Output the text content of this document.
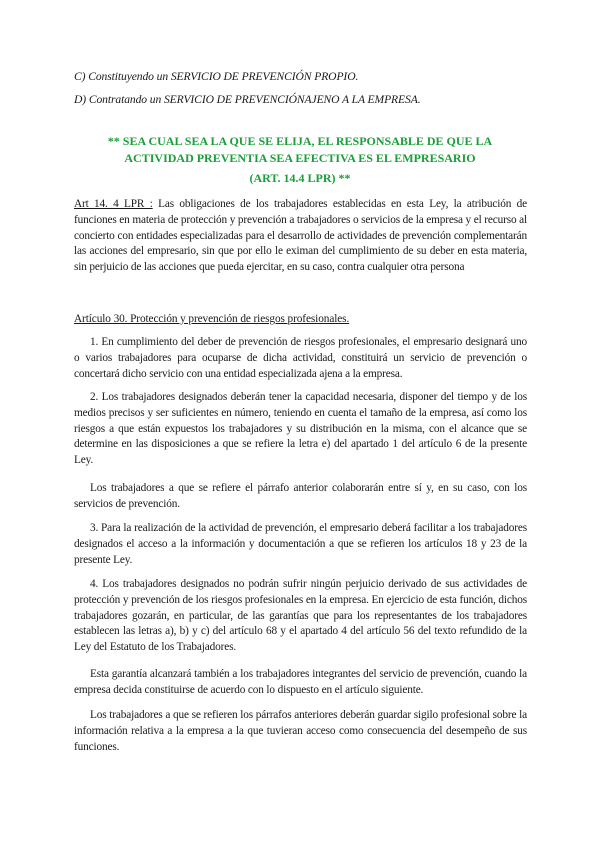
C) Constituyendo un SERVICIO DE PREVENCIÓN PROPIO.
D) Contratando un SERVICIO DE PREVENCIÓNAJENO A LA EMPRESA.
** SEA CUAL SEA LA QUE SE ELIJA, EL RESPONSABLE DE QUE LA
ACTIVIDAD PREVENTIA SEA EFECTIVA ES EL EMPRESARIO
(ART. 14.4 LPR) **
Art 14. 4 LPR : Las obligaciones de los trabajadores establecidas en esta Ley, la atribución de funciones en materia de protección y prevención a trabajadores o servicios de la empresa y el recurso al concierto con entidades especializadas para el desarrollo de actividades de prevención complementarán las acciones del empresario, sin que por ello le eximan del cumplimiento de su deber en esta materia, sin perjuicio de las acciones que pueda ejercitar, en su caso, contra cualquier otra persona
Artículo 30. Protección y prevención de riesgos profesionales.
1. En cumplimiento del deber de prevención de riesgos profesionales, el empresario designará uno o varios trabajadores para ocuparse de dicha actividad, constituirá un servicio de prevención o concertará dicho servicio con una entidad especializada ajena a la empresa.
2. Los trabajadores designados deberán tener la capacidad necesaria, disponer del tiempo y de los medios precisos y ser suficientes en número, teniendo en cuenta el tamaño de la empresa, así como los riesgos a que están expuestos los trabajadores y su distribución en la misma, con el alcance que se determine en las disposiciones a que se refiere la letra e) del apartado 1 del artículo 6 de la presente Ley.
Los trabajadores a que se refiere el párrafo anterior colaborarán entre sí y, en su caso, con los servicios de prevención.
3. Para la realización de la actividad de prevención, el empresario deberá facilitar a los trabajadores designados el acceso a la información y documentación a que se refieren los artículos 18 y 23 de la presente Ley.
4. Los trabajadores designados no podrán sufrir ningún perjuicio derivado de sus actividades de protección y prevención de los riesgos profesionales en la empresa. En ejercicio de esta función, dichos trabajadores gozarán, en particular, de las garantías que para los representantes de los trabajadores establecen las letras a), b) y c) del artículo 68 y el apartado 4 del artículo 56 del texto refundido de la Ley del Estatuto de los Trabajadores.
Esta garantía alcanzará también a los trabajadores integrantes del servicio de prevención, cuando la empresa decida constituirse de acuerdo con lo dispuesto en el artículo siguiente.
Los trabajadores a que se refieren los párrafos anteriores deberán guardar sigilo profesional sobre la información relativa a la empresa a la que tuvieran acceso como consecuencia del desempeño de sus funciones.
